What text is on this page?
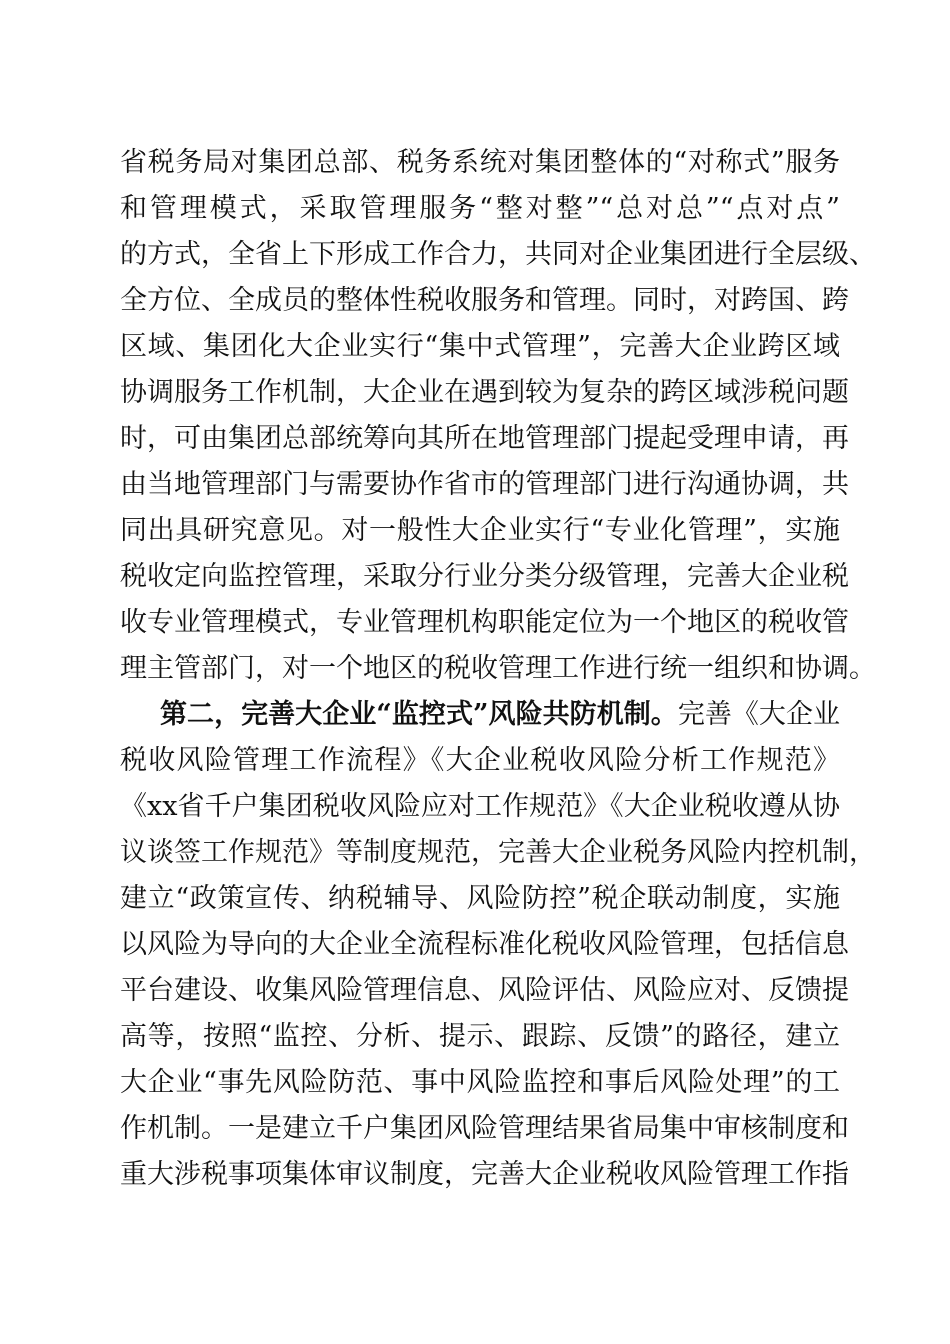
省税务局对集团总部、税务系统对集团整体的“对称式”服务
和管理模式，采取管理服务“整对整”“总对总”“点对点”
的方式，全省上下形成工作合力，共同对企业集团进行全层级、
全方位、全成员的整体性税收服务和管理。同时，对跨国、跨
区域、集团化大企业实行“集中式管理”，完善大企业跨区域
协调服务工作机制，大企业在遇到较为复杂的跨区域涉税问题
时，可由集团总部统筹向其所在地管理部门提起受理申请，再
由当地管理部门与需要协作省市的管理部门进行沟通协调，共
同出具研究意见。对一般性大企业实行“专业化管理”，实施
税收定向监控管理，采取分行业分类分级管理，完善大企业税
收专业管理模式，专业管理机构职能定位为一个地区的税收管
理主管部门，对一个地区的税收管理工作进行统一组织和协调。
第二，完善大企业“监控式”风险共防机制。完善《大企业
税收风险管理工作流程》《大企业税收风险分析工作规范》
《xx省千户集团税收风险应对工作规范》《大企业税收遵从协
议谈签工作规范》等制度规范，完善大企业税务风险内控机制，
建立“政策宣传、纳税辅导、风险防控”税企联动制度，实施
以风险为导向的大企业全流程标准化税收风险管理，包括信息
平台建设、收集风险管理信息、风险评估、风险应对、反馈提
高等，按照“监控、分析、提示、跟踪、反馈”的路径，建立
大企业“事先风险防范、事中风险监控和事后风险处理”的工
作机制。一是建立千户集团风险管理结果省局集中审核制度和
重大涉税事项集体审议制度，完善大企业税收风险管理工作指
